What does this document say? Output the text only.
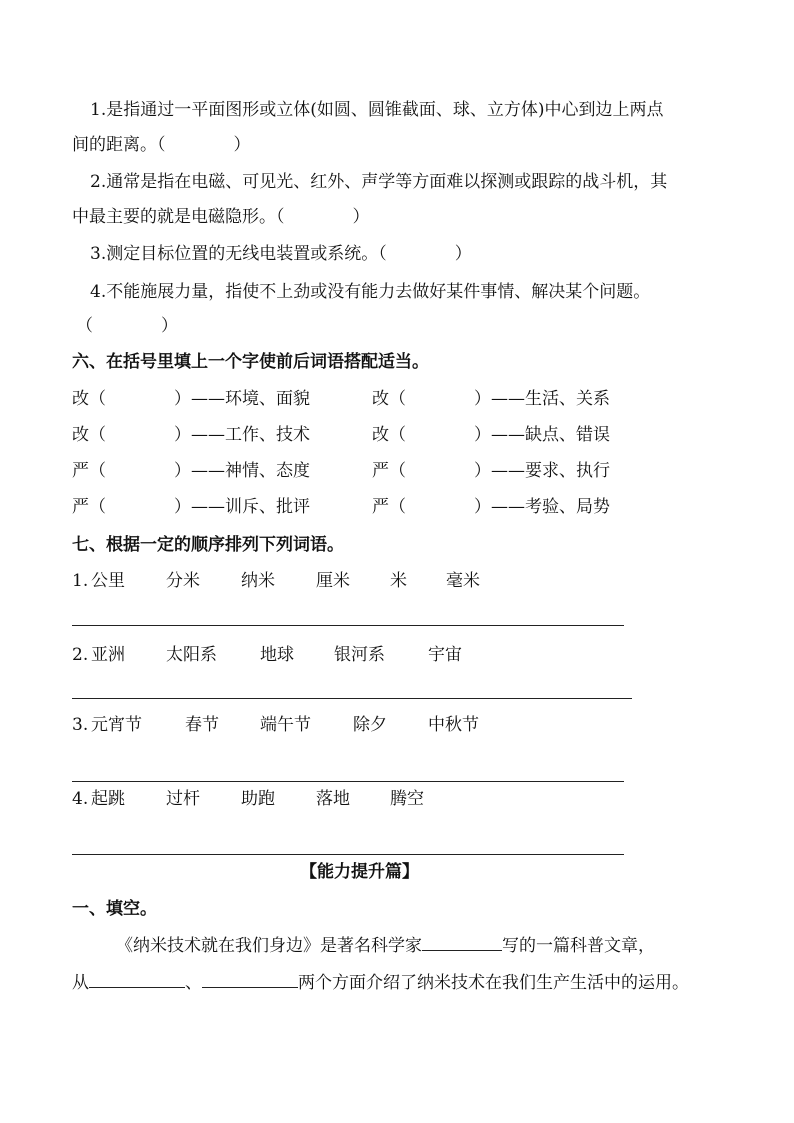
1.是指通过一平面图形或立体(如圆、圆锥截面、球、立方体)中心到边上两点
间的距离。（　　　　）
2.通常是指在电磁、可见光、红外、声学等方面难以探测或跟踪的战斗机，其
中最主要的就是电磁隐形。（　　　　）
3.测定目标位置的无线电装置或系统。（　　　　）
4.不能施展力量，指使不上劲或没有能力去做好某件事情、解决某个问题。
（　　　　）
六、在括号里填上一个字使前后词语搭配适当。
改（　　　　）——环境、面貌	改（　　　　）——生活、关系
改（　　　　）——工作、技术	改（　　　　）——缺点、错误
严（　　　　）——神情、态度	严（　　　　）——要求、执行
严（　　　　）——训斥、批评	严（　　　　）——考验、局势
七、根据一定的顺序排列下列词语。
1. 公里 分米 纳米 厘米 米 毫米
2. 亚洲 太阳系	地球 银河系	宇宙
3. 元宵节	春节 端午节 除夕 中秋节
4. 起跳 过杆 助跑 落地 腾空
【能力提升篇】
一、填空。
《纳米技术就在我们身边》是著名科学家	写的一篇科普文章，
从	、	两个方面介绍了纳米技术在我们生产生活中的运用。
